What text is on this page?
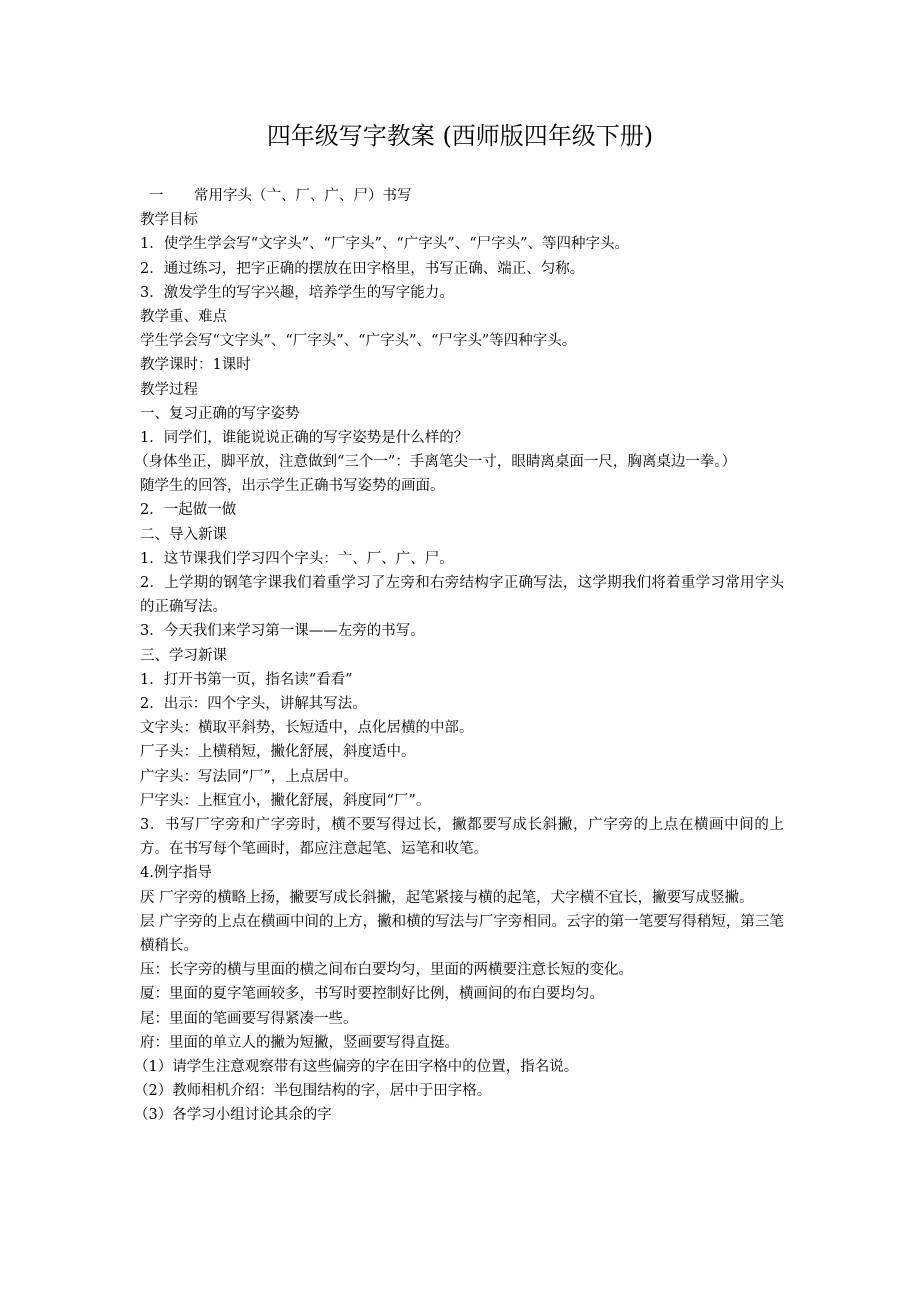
四年级写字教案 (西师版四年级下册)
一 常用字头（亠、厂、广、尸）书写
教学目标
1．使学生学会写“文字头”、“厂字头”、“广字头”、“尸字头”、等四种字头。
2．通过练习，把字正确的摆放在田字格里，书写正确、端正、匀称。
3．激发学生的写字兴趣，培养学生的写字能力。
教学重、难点
学生学会写“文字头”、“厂字头”、“广字头”、“尸字头”等四种字头。
教学课时：1课时
教学过程
一、复习正确的写字姿势
1．同学们，谁能说说正确的写字姿势是什么样的？
（身体坐正，脚平放，注意做到“三个一”：手离笔尖一寸，眼睛离桌面一尺，胸离桌边一拳。）
随学生的回答，出示学生正确书写姿势的画面。
2．一起做一做
二、导入新课
1．这节课我们学习四个字头：亠、厂、广、尸。
2．上学期的钢笔字课我们着重学习了左旁和右旁结构字正确写法，这学期我们将着重学习常用字头的正确写法。
3．今天我们来学习第一课——左旁的书写。
三、学习新课
1．打开书第一页，指名读“看看”
2．出示：四个字头，讲解其写法。
文字头：横取平斜势，长短适中，点化居横的中部。
厂子头：上横稍短，撇化舒展，斜度适中。
广字头：写法同“厂”，上点居中。
尸字头：上框宜小，撇化舒展，斜度同“厂”。
3．书写厂字旁和广字旁时，横不要写得过长，撇都要写成长斜撇，广字旁的上点在横画中间的上方。在书写每个笔画时，都应注意起笔、运笔和收笔。
4.例字指导
厌 厂字旁的横略上扬，撇要写成长斜撇，起笔紧接与横的起笔，犬字横不宜长，撇要写成竖撇。
层 广字旁的上点在横画中间的上方，撇和横的写法与厂字旁相同。云字的第一笔要写得稍短，第三笔横稍长。
压：长字旁的横与里面的横之间布白要均匀，里面的两横要注意长短的变化。
厦：里面的夏字笔画较多，书写时要控制好比例，横画间的布白要均匀。
尾：里面的笔画要写得紧凑一些。
府：里面的单立人的撇为短撇，竖画要写得直挺。
（1）请学生注意观察带有这些偏旁的字在田字格中的位置，指名说。
（2）教师相机介绍：半包围结构的字，居中于田字格。
（3）各学习小组讨论其余的字
